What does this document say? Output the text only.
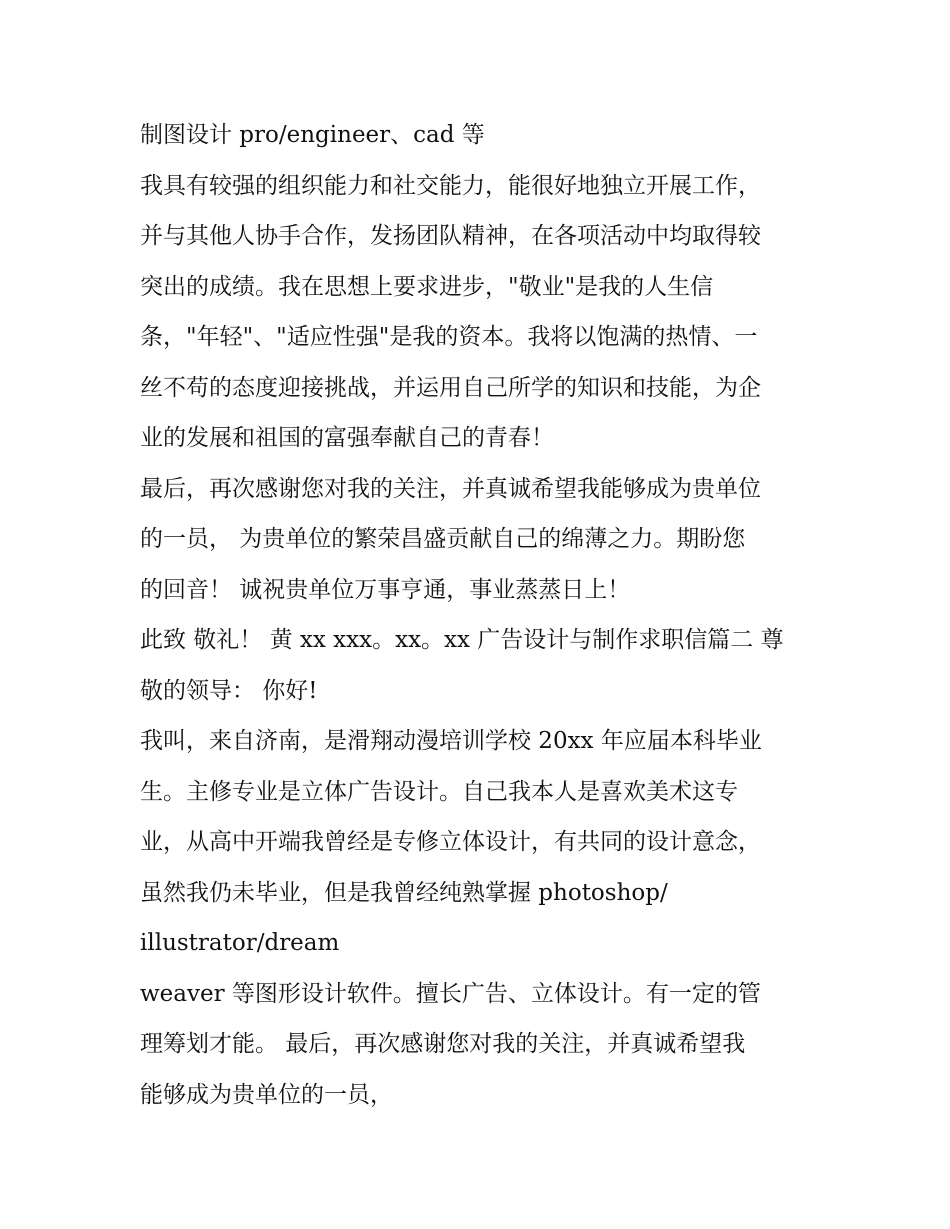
制图设计 pro/engineer、cad 等
我具有较强的组织能力和社交能力，能很好地独立开展工作，
并与其他人协手合作，发扬团队精神，在各项活动中均取得较
突出的成绩。我在思想上要求进步，"敬业"是我的人生信
条，"年轻"、"适应性强"是我的资本。我将以饱满的热情、一
丝不苟的态度迎接挑战，并运用自己所学的知识和技能，为企
业的发展和祖国的富强奉献自己的青春！
最后，再次感谢您对我的关注，并真诚希望我能够成为贵单位
的一员， 为贵单位的繁荣昌盛贡献自己的绵薄之力。期盼您
的回音！ 诚祝贵单位万事亨通，事业蒸蒸日上！
此致 敬礼！ 黄 xx xxx。xx。xx 广告设计与制作求职信篇二 尊
敬的领导： 你好!
我叫，来自济南，是滑翔动漫培训学校 20xx 年应届本科毕业
生。主修专业是立体广告设计。自己我本人是喜欢美术这专
业，从高中开端我曾经是专修立体设计，有共同的设计意念，
虽然我仍未毕业，但是我曾经纯熟掌握 photoshop/
illustrator/dream
weaver 等图形设计软件。擅长广告、立体设计。有一定的管
理筹划才能。 最后，再次感谢您对我的关注，并真诚希望我
能够成为贵单位的一员，
